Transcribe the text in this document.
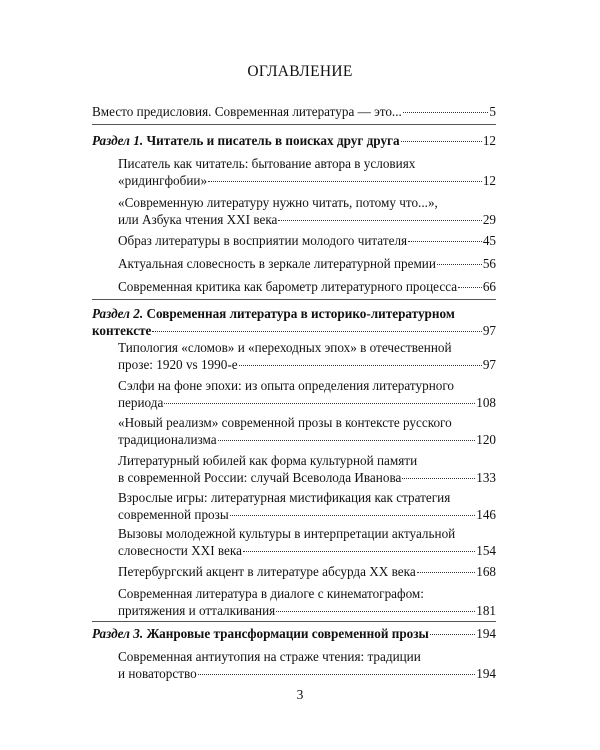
ОГЛАВЛЕНИЕ
Вместо предисловия. Современная литература — это...	5
Раздел 1.
Читатель и писатель в поисках друг друга	12
Писатель как читатель: бытование автора в условиях
«ридингфобии»	12
«Современную литературу нужно читать, потому что...»,
или Азбука чтения XXI века	29
Образ литературы в восприятии молодого читателя	45
Актуальная словесность в зеркале литературной премии	56
Современная критика как барометр литературного процесса 66
Раздел 2. Современная литература в историко-литературном
контексте	97
Типология «сломов» и «переходных эпох» в отечественной
прозе: 1920 vs 1990-е	97
Сэлфи на фоне эпохи: из опыта определения литературного
периода	108
«Новый реализм» современной прозы в контексте русского
традиционализма	120
Литературный юбилей как форма культурной памяти
в современной России: случай Всеволода Иванова	133
Взрослые игры: литературная мистификация как стратегия
современной прозы	146
Вызовы молодежной культуры в интерпретации актуальной
словесности XXI века	154
Петербургский акцент в литературе абсурда XX века	168
Современная литература в диалоге с кинематографом:
притяжения и отталкивания	181
Раздел 3.
Жанровые трансформации современной прозы	194
Современная антиутопия на страже чтения: традиции
и новаторство	194
3
